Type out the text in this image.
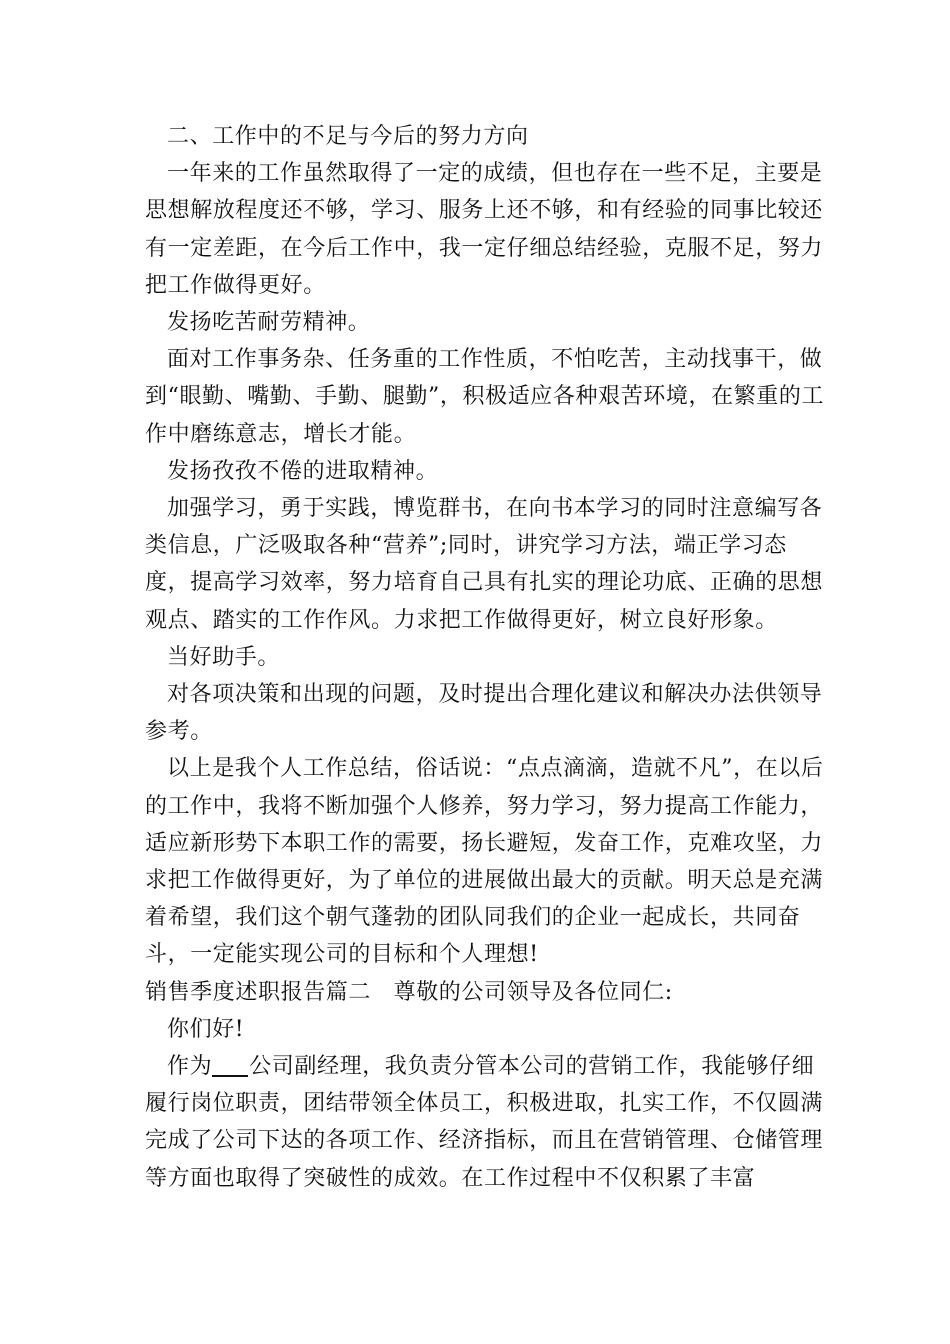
二、工作中的不足与今后的努力方向

一年来的工作虽然取得了一定的成绩，但也存在一些不足，主要是思想解放程度还不够，学习、服务上还不够，和有经验的同事比较还有一定差距，在今后工作中，我一定仔细总结经验，克服不足，努力把工作做得更好。

发扬吃苦耐劳精神。

面对工作事务杂、任务重的工作性质，不怕吃苦，主动找事干，做到“眼勤、嘴勤、手勤、腿勤”，积极适应各种艰苦环境，在繁重的工作中磨练意志，增长才能。

发扬孜孜不倦的进取精神。

加强学习，勇于实践，博览群书，在向书本学习的同时注意编写各类信息，广泛吸取各种“营养”;同时，讲究学习方法，端正学习态度，提高学习效率，努力培育自己具有扎实的理论功底、正确的思想观点、踏实的工作作风。力求把工作做得更好，树立良好形象。

当好助手。

对各项决策和出现的问题，及时提出合理化建议和解决办法供领导参考。

以上是我个人工作总结，俗话说：“点点滴滴，造就不凡”，在以后的工作中，我将不断加强个人修养，努力学习，努力提高工作能力，适应新形势下本职工作的需要，扬长避短，发奋工作，克难攻坚，力求把工作做得更好，为了单位的进展做出最大的贡献。明天总是充满着希望，我们这个朝气蓬勃的团队同我们的企业一起成长，共同奋斗，一定能实现公司的目标和个人理想!

销售季度述职报告篇二　尊敬的公司领导及各位同仁:

你们好!

作为 公司副经理，我负责分管本公司的营销工作，我能够仔细履行岗位职责，团结带领全体员工，积极进取，扎实工作，不仅圆满完成了公司下达的各项工作、经济指标，而且在营销管理、仓储管理等方面也取得了突破性的成效。在工作过程中不仅积累了丰富
